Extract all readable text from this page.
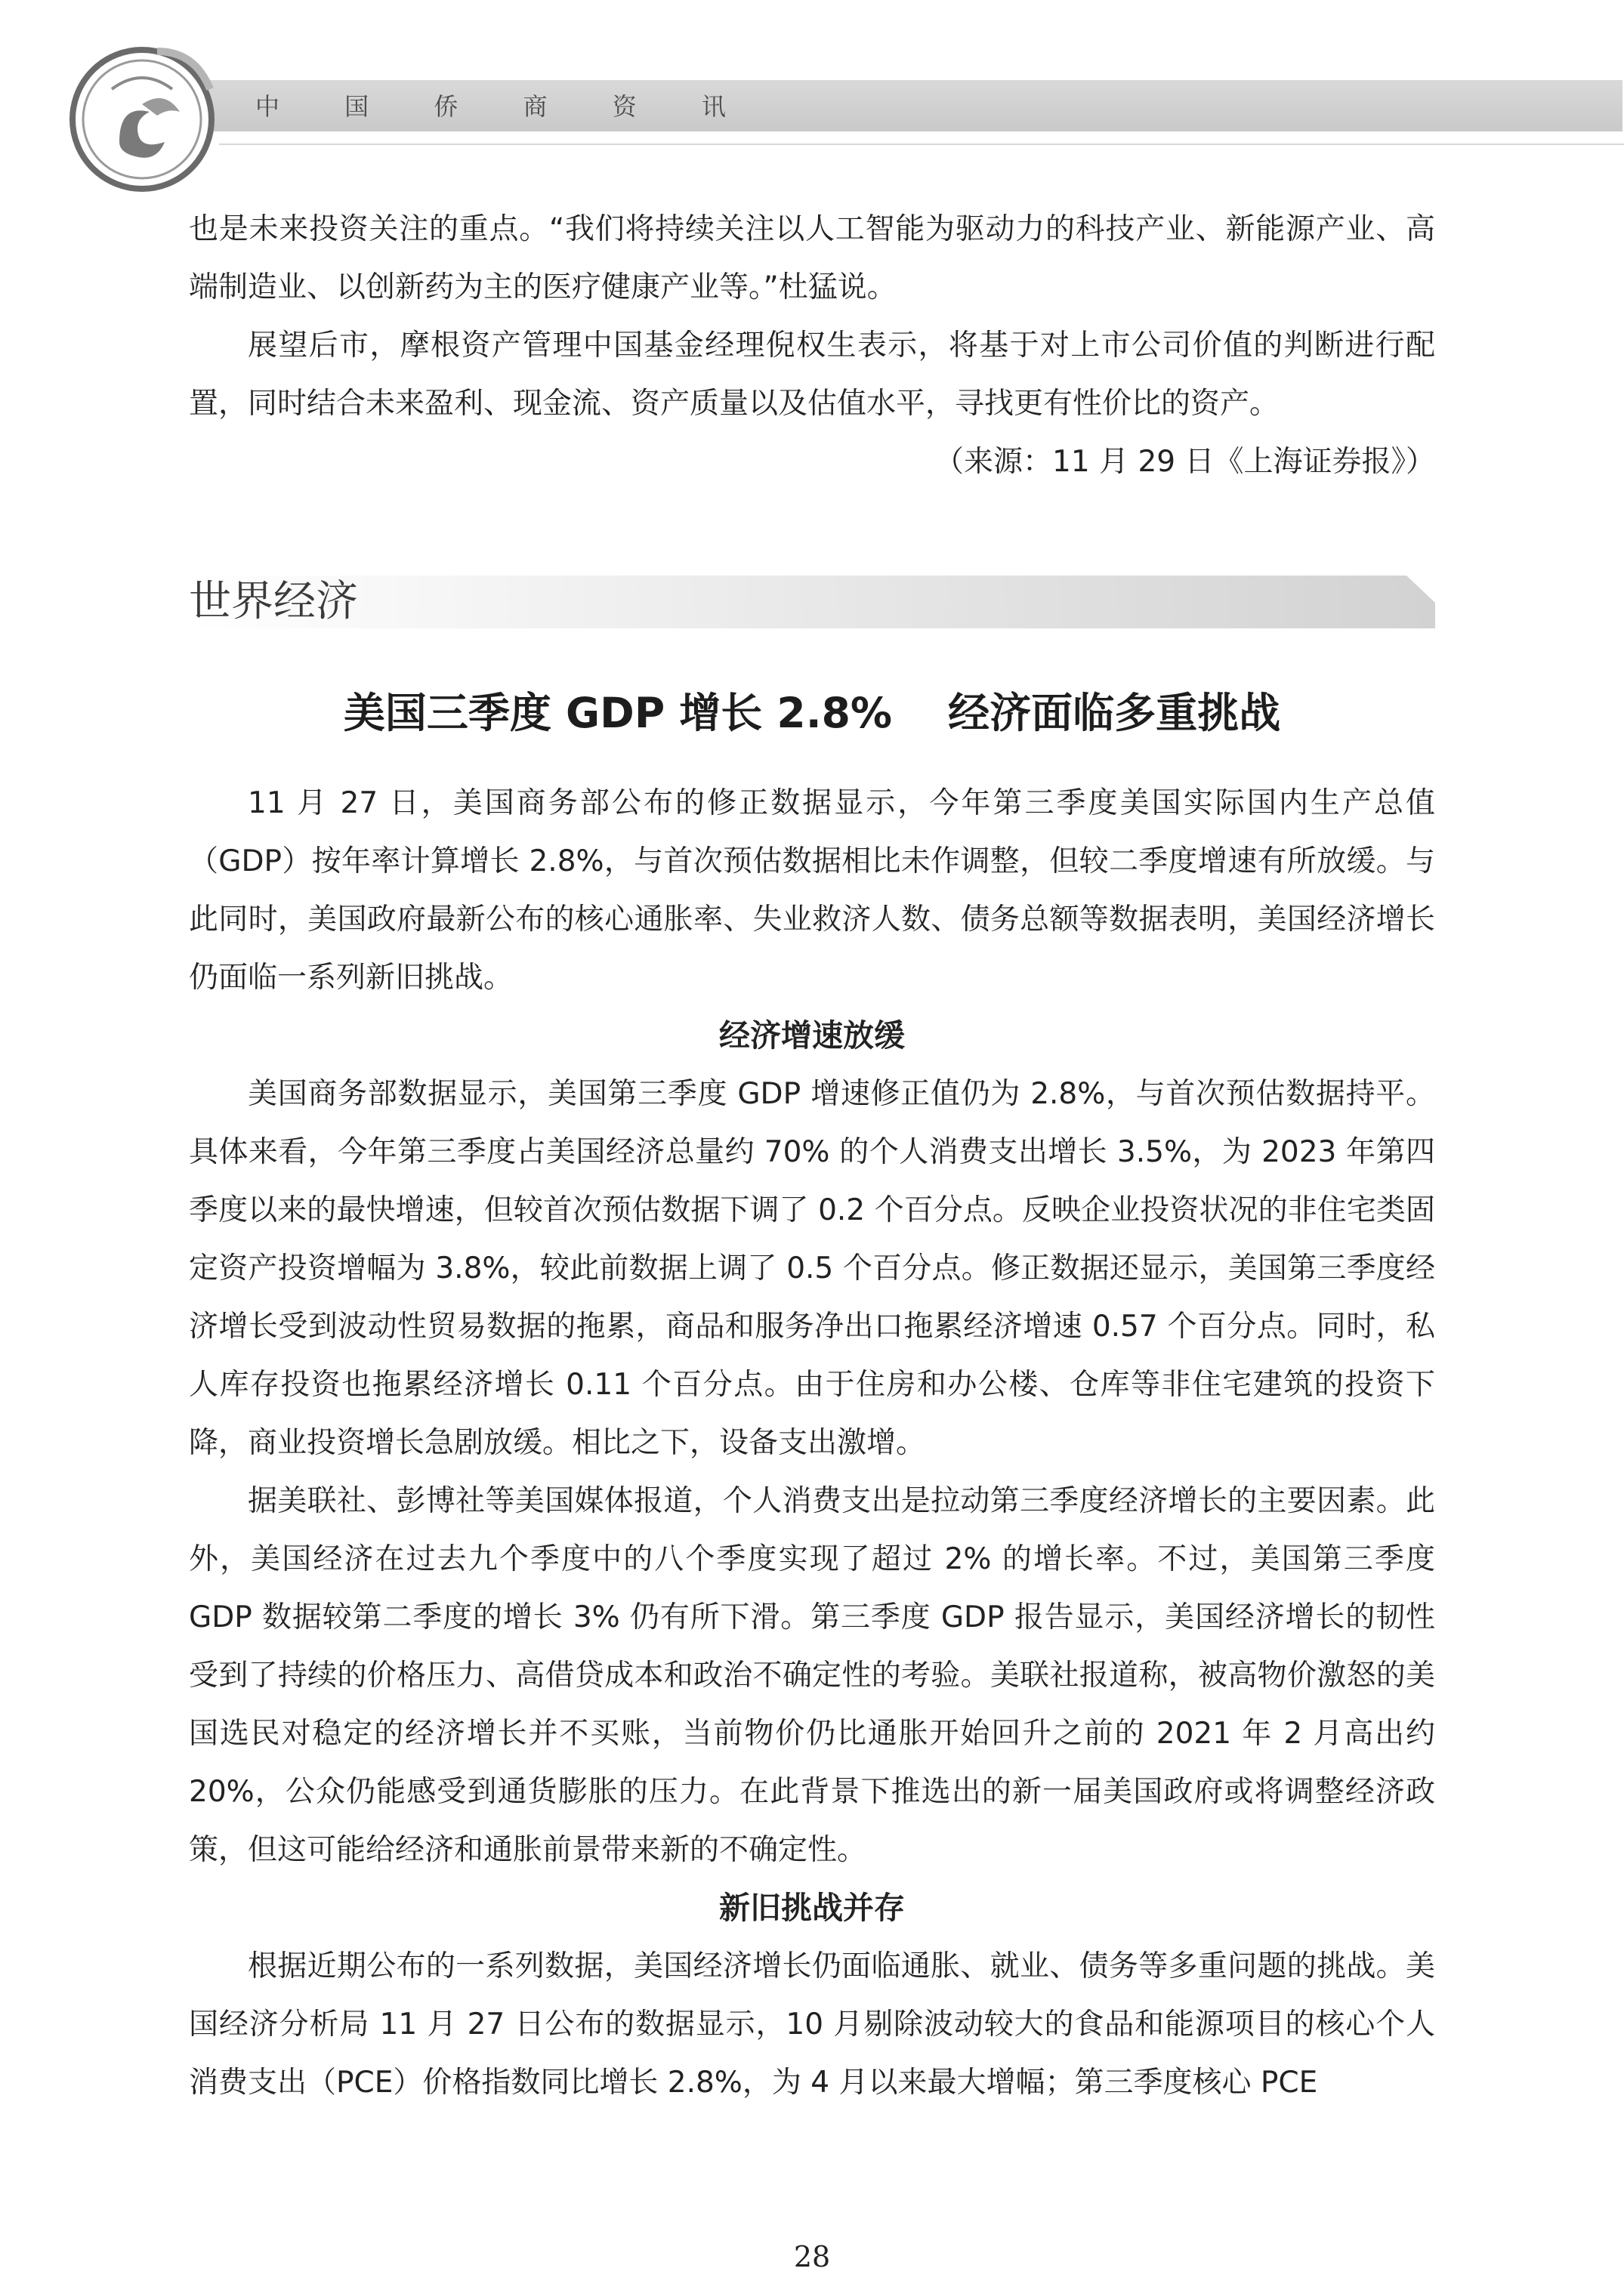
中 国 侨 商 资 讯

也是未来投资关注的重点。“我们将持续关注以人工智能为驱动力的科技产业、新能源产业、高端制造业、以创新药为主的医疗健康产业等。”杜猛说。

展望后市，摩根资产管理中国基金经理倪权生表示，将基于对上市公司价值的判断进行配置，同时结合未来盈利、现金流、资产质量以及估值水平，寻找更有性价比的资产。

（来源：11 月 29 日《上海证券报》）

世界经济
美国三季度 GDP 增长 2.8%　 经济面临多重挑战

11 月 27 日，美国商务部公布的修正数据显示，今年第三季度美国实际国内生产总值（GDP）按年率计算增长 2.8%，与首次预估数据相比未作调整，但较二季度增速有所放缓。与此同时，美国政府最新公布的核心通胀率、失业救济人数、债务总额等数据表明，美国经济增长仍面临一系列新旧挑战。

经济增速放缓

美国商务部数据显示，美国第三季度 GDP 增速修正值仍为 2.8%，与首次预估数据持平。具体来看，今年第三季度占美国经济总量约 70% 的个人消费支出增长 3.5%，为 2023 年第四季度以来的最快增速，但较首次预估数据下调了 0.2 个百分点。反映企业投资状况的非住宅类固定资产投资增幅为 3.8%，较此前数据上调了 0.5 个百分点。修正数据还显示，美国第三季度经济增长受到波动性贸易数据的拖累，商品和服务净出口拖累经济增速 0.57 个百分点。同时，私人库存投资也拖累经济增长 0.11 个百分点。由于住房和办公楼、仓库等非住宅建筑的投资下降，商业投资增长急剧放缓。相比之下，设备支出激增。

据美联社、彭博社等美国媒体报道，个人消费支出是拉动第三季度经济增长的主要因素。此外，美国经济在过去九个季度中的八个季度实现了超过 2% 的增长率。不过，美国第三季度 GDP 数据较第二季度的增长 3% 仍有所下滑。第三季度 GDP 报告显示，美国经济增长的韧性受到了持续的价格压力、高借贷成本和政治不确定性的考验。美联社报道称，被高物价激怒的美国选民对稳定的经济增长并不买账，当前物价仍比通胀开始回升之前的 2021 年 2 月高出约 20%，公众仍能感受到通货膨胀的压力。在此背景下推选出的新一届美国政府或将调整经济政策，但这可能给经济和通胀前景带来新的不确定性。

新旧挑战并存

根据近期公布的一系列数据，美国经济增长仍面临通胀、就业、债务等多重问题的挑战。美国经济分析局 11 月 27 日公布的数据显示，10 月剔除波动较大的食品和能源项目的核心个人消费支出（PCE）价格指数同比增长 2.8%，为 4 月以来最大增幅；第三季度核心 PCE

28
